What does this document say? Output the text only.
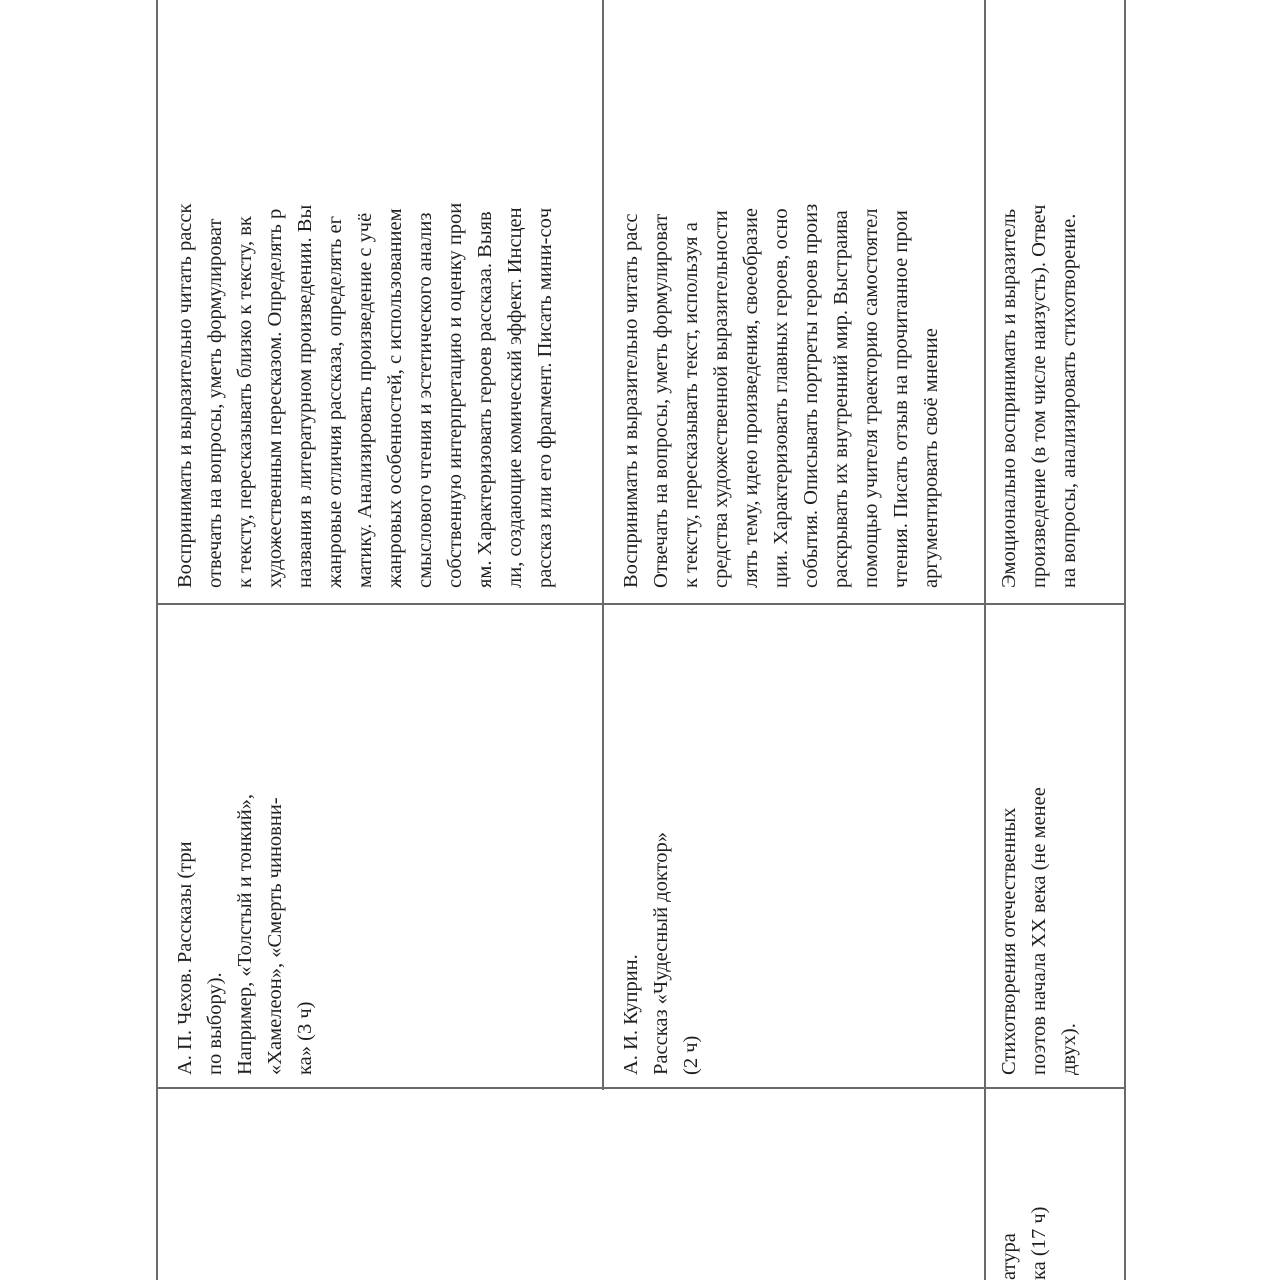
А. П. Чехов. Рассказы (три по выбору). Например, «Толстый и тонкий», «Хамелеон», «Смерть чиновни- ка» (3 ч)
Воспринимать и выразительно читать расск отвечать на вопросы, уметь формулироват к тексту, пересказывать близко к тексту, вк художественным пересказом. Определять р названия в литературном произведении. Вы жанровые отличия рассказа, определять ег матику. Анализировать произведение с учё жанровых особенностей, с использованием смыслового чтения и эстетического анализ собственную интерпретацию и оценку прои ям. Характеризовать героев рассказа. Выяв ли, создающие комический эффект. Инсцен рассказ или его фрагмент. Писать мини-сoч
А. И. Куприн. Рассказ «Чудесный доктор» (2 ч)
Воспринимать и выразительно читать расс Отвечать на вопросы, уметь формулироват к тексту, пересказывать текст, используя а средства художественной выразительности лять тему, идею произведения, своеобразие ции. Характеризовать главных героев, осно события. Описывать портреты героев произ раскрывать их внутренний мир. Выстраива помощью учителя траекторию самостоятел чтения. Писать отзыв на прочитанное прои аргументировать своё мнение
атура ка (17 ч)
Стихотворения отечественных поэтов начала XX века (не менее двух).
Эмоционально воспринимать и выразитель произведение (в том числе наизусть). Отвеч на вопросы, анализировать стихотворение.
